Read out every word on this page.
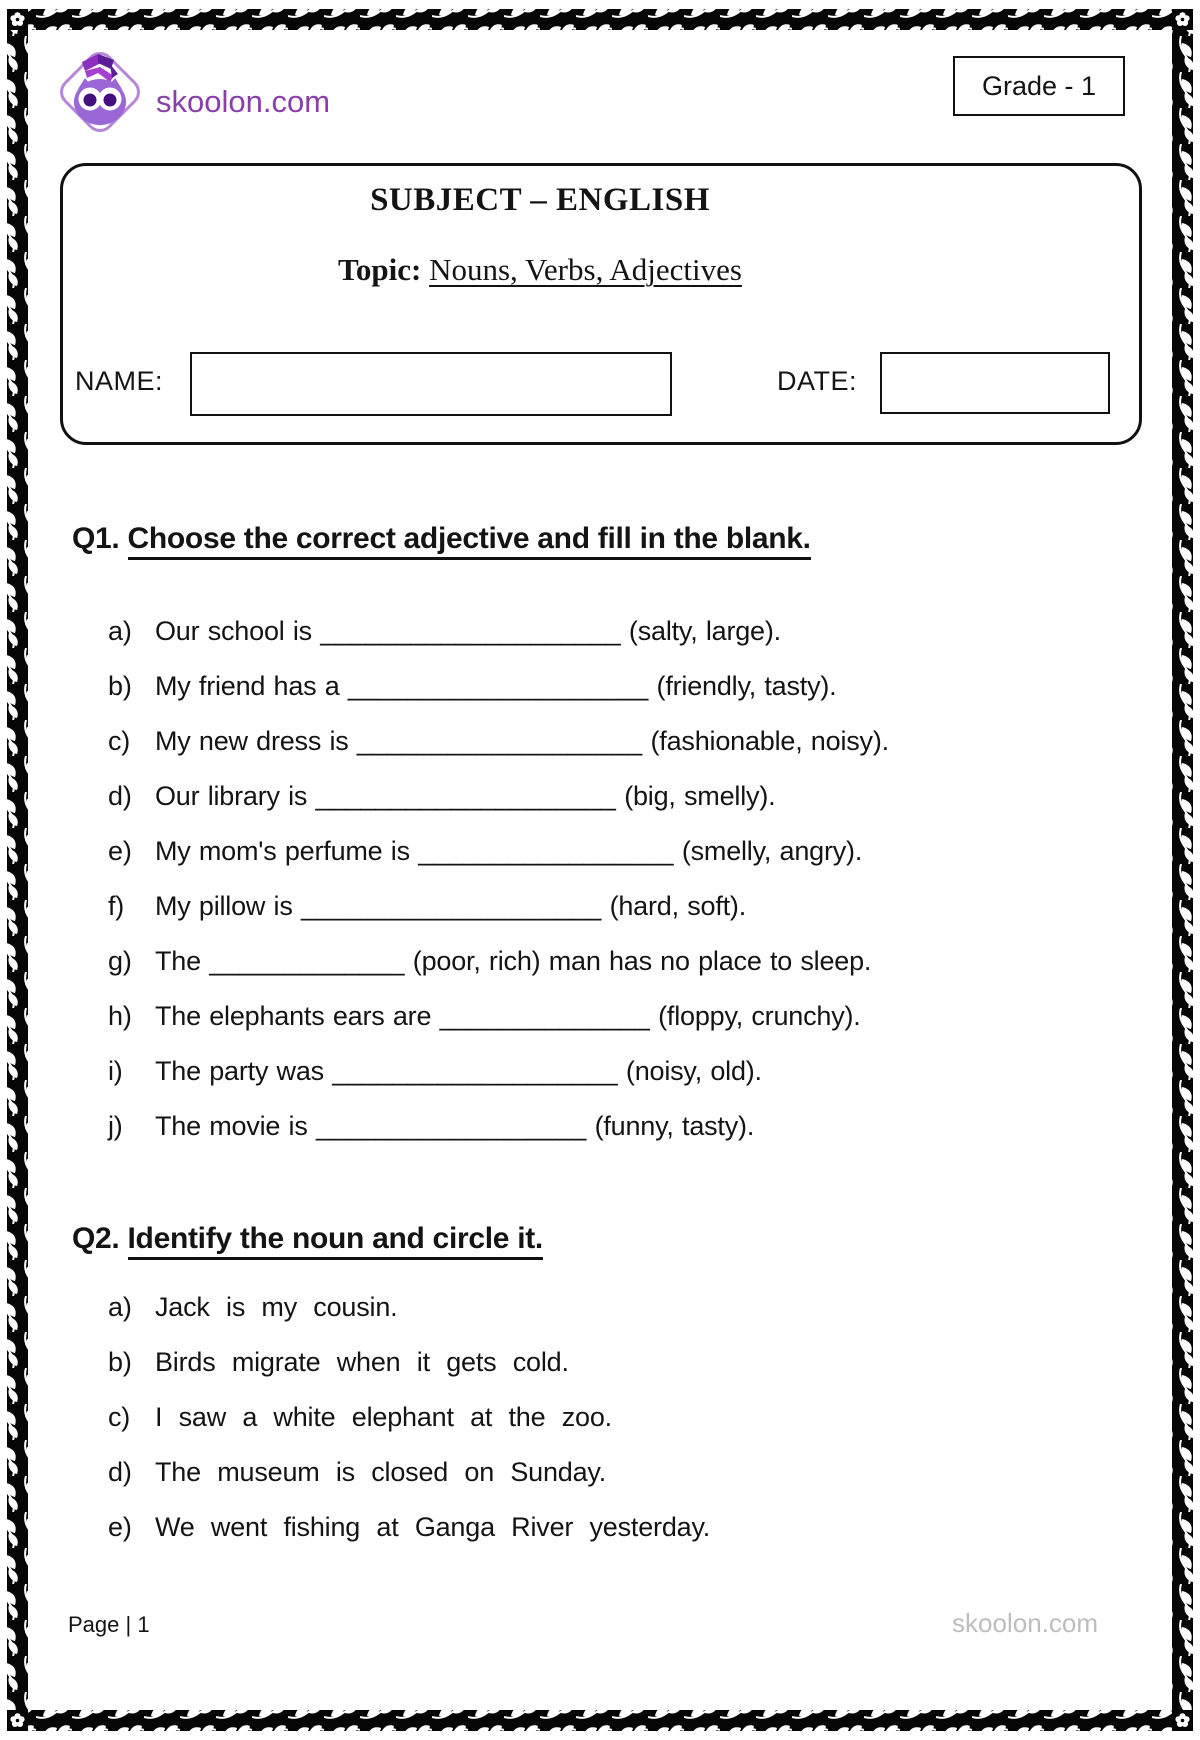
skoolon.com	Grade - 1
SUBJECT – ENGLISH
Topic: Nouns, Verbs, Adjectives
NAME:	DATE:
Q1. Choose the correct adjective and fill in the blank.
a) Our school is ____________________ (salty, large).
b) My friend has a ____________________ (friendly, tasty).
c) My new dress is ___________________ (fashionable, noisy).
d) Our library is ____________________ (big, smelly).
e) My mom's perfume is _________________ (smelly, angry).
f)	My pillow is ____________________ (hard, soft).
g) The _____________ (poor, rich) man has no place to sleep.
h) The elephants ears are ______________ (floppy, crunchy).
i)	The party was ___________________ (noisy, old).
j)	The movie is __________________ (funny, tasty).
Q2. Identify the noun and circle it.
a) Jack is my cousin.
b) Birds migrate when it gets cold.
c) I saw a white elephant at the zoo.
d) The museum is closed on Sunday.
e) We went fishing at Ganga River yesterday.
Page | 1	skoolon.com
